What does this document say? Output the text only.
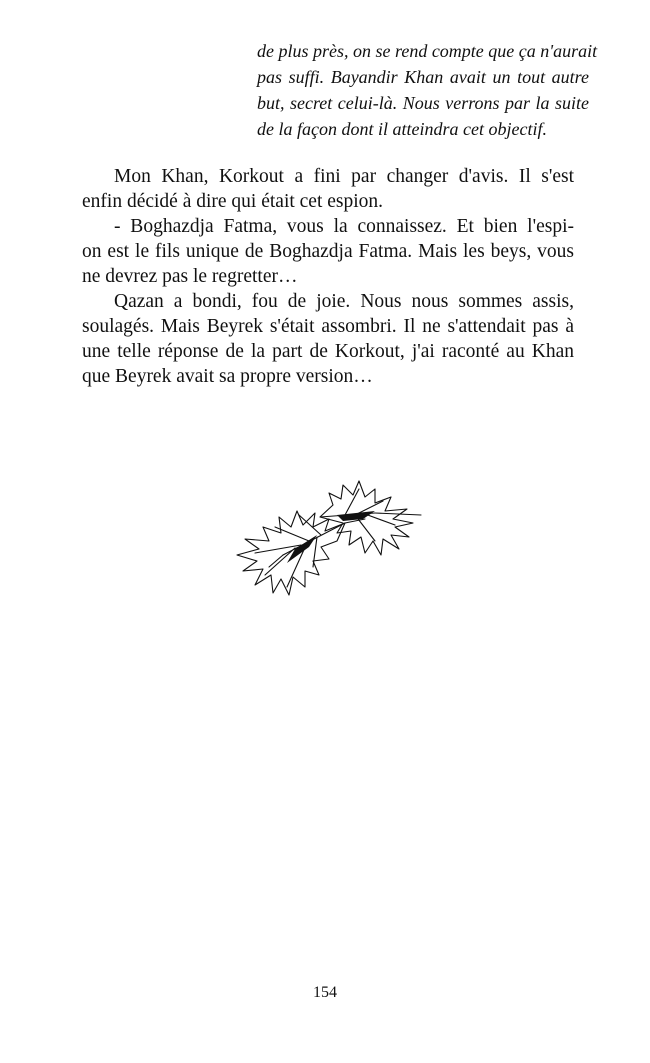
de plus près, on se rend compte que ça n'aurait
pas suffi. Bayandir Khan avait un tout autre
but, secret celui-là. Nous verrons par la suite
de la façon dont il atteindra cet objectif.
Mon Khan, Korkout a fini par changer d'avis. Il s'est
enfin décidé à dire qui était cet espion.
- Boghazdja Fatma, vous la connaissez. Et bien l'espi-
on est le fils unique de Boghazdja Fatma. Mais les beys, vous
ne devrez pas le regretter…
Qazan a bondi, fou de joie. Nous nous sommes assis,
soulagés. Mais Beyrek s'était assombri. Il ne s'attendait pas à
une telle réponse de la part de Korkout, j'ai raconté au Khan
que Beyrek avait sa propre version…
154
